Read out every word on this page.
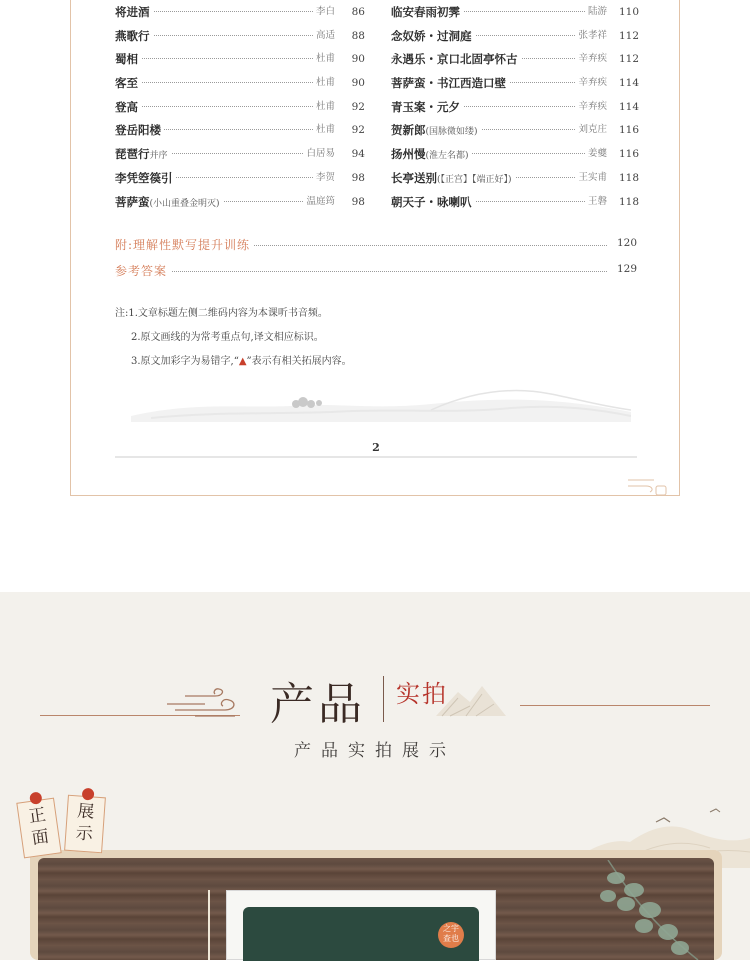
将进酒	李白	86
燕歌行	高适	88
蜀相	杜甫	90
客至	杜甫	90
登高	杜甫	92
登岳阳楼	杜甫	92
琵琶行并序	白居易	94
李凭箜篌引	李贺	98
菩萨蛮(小山重叠金明灭)	温庭筠	98
临安春雨初霁	陆游	110
念奴娇・过洞庭	张孝祥	112
永遇乐・京口北固亭怀古	辛弃疾	112
菩萨蛮・书江西造口壁	辛弃疾	114
青玉案・元夕	辛弃疾	114
贺新郎(国脉微如缕)	刘克庄	116
扬州慢(淮左名都)	姜夔	116
长亭送别(【正宫】【端正好】)	王实甫	118
朝天子・咏喇叭	王磐	118
附:理解性默写提升训练	120
参考答案	129
注:1.文章标题左侧二维码内容为本课听书音频。
2.原文画线的为常考重点句,译文相应标识。
3.原文加彩字为易错字,“▲”表示有相关拓展内容。
2
产品 实拍
产品实拍展示
正面
展示
之宇
查也
